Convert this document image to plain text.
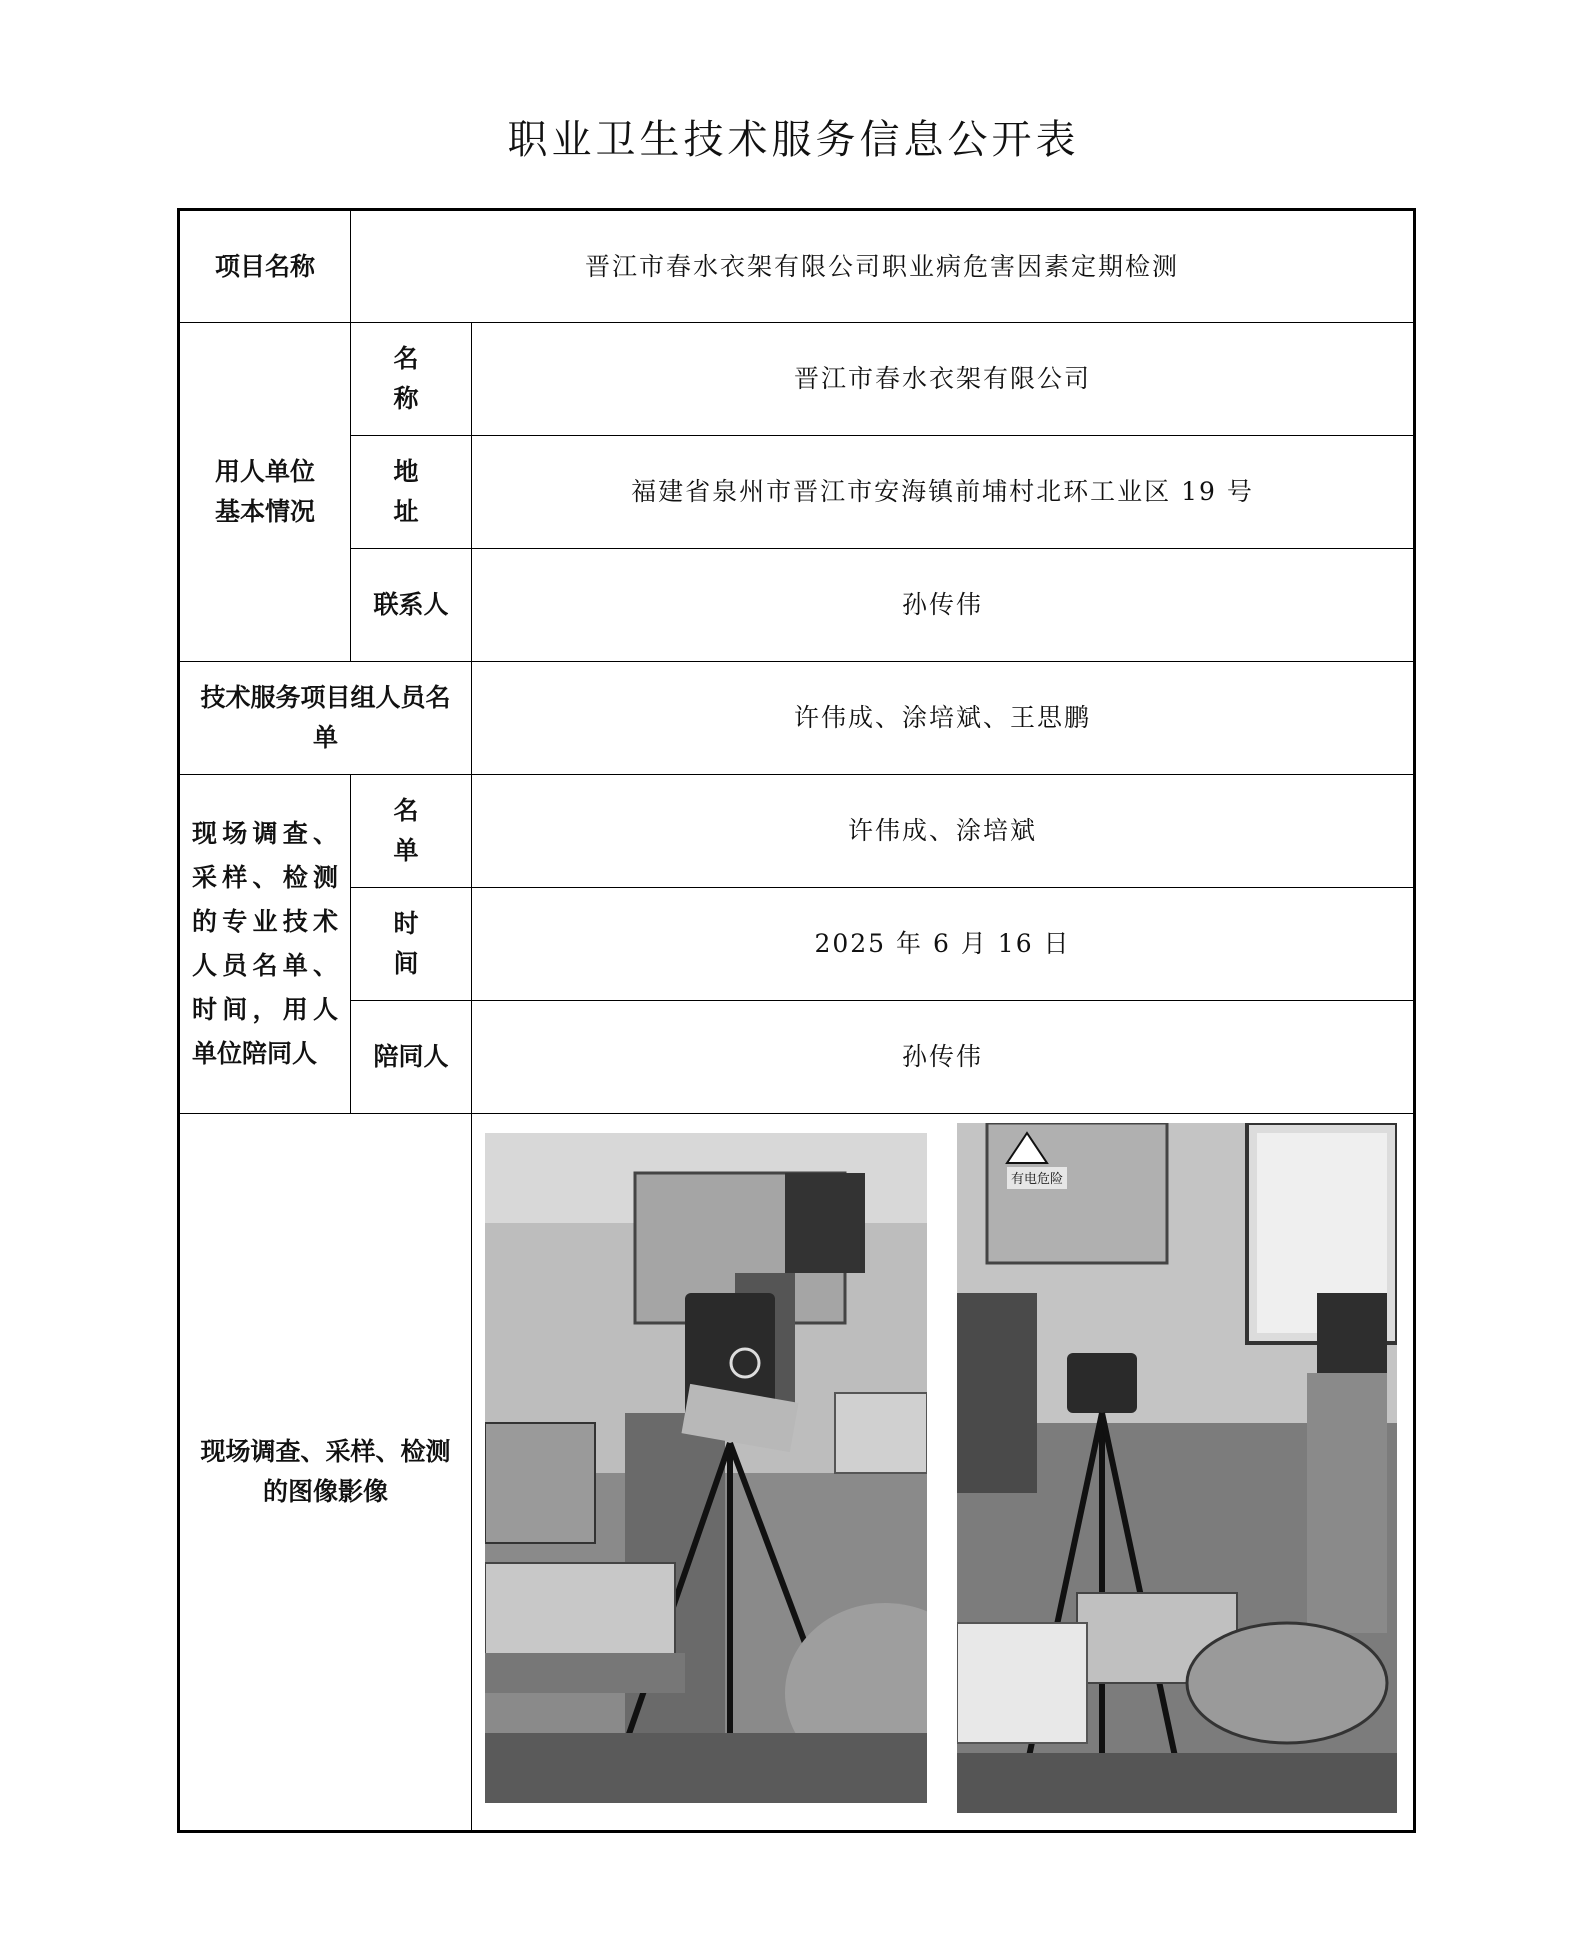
职业卫生技术服务信息公开表
项目名称	晋江市春水衣架有限公司职业病危害因素定期检测	
用人单位基本情况	名 称	晋江市春水衣架有限公司
	地 址	福建省泉州市晋江市安海镇前埔村北环工业区 19 号
	联系人	孙传伟
技术服务项目组人员名单		许伟成、涂培斌、王思鹏
现场调查、采样、检测的专业技术人员名单、时间，用人单位陪同人	名 单	许伟成、涂培斌
	时 间	2025 年 6 月 16 日
	陪同人	孙传伟
现场调查、采样、检测的图像影像		有电危险
